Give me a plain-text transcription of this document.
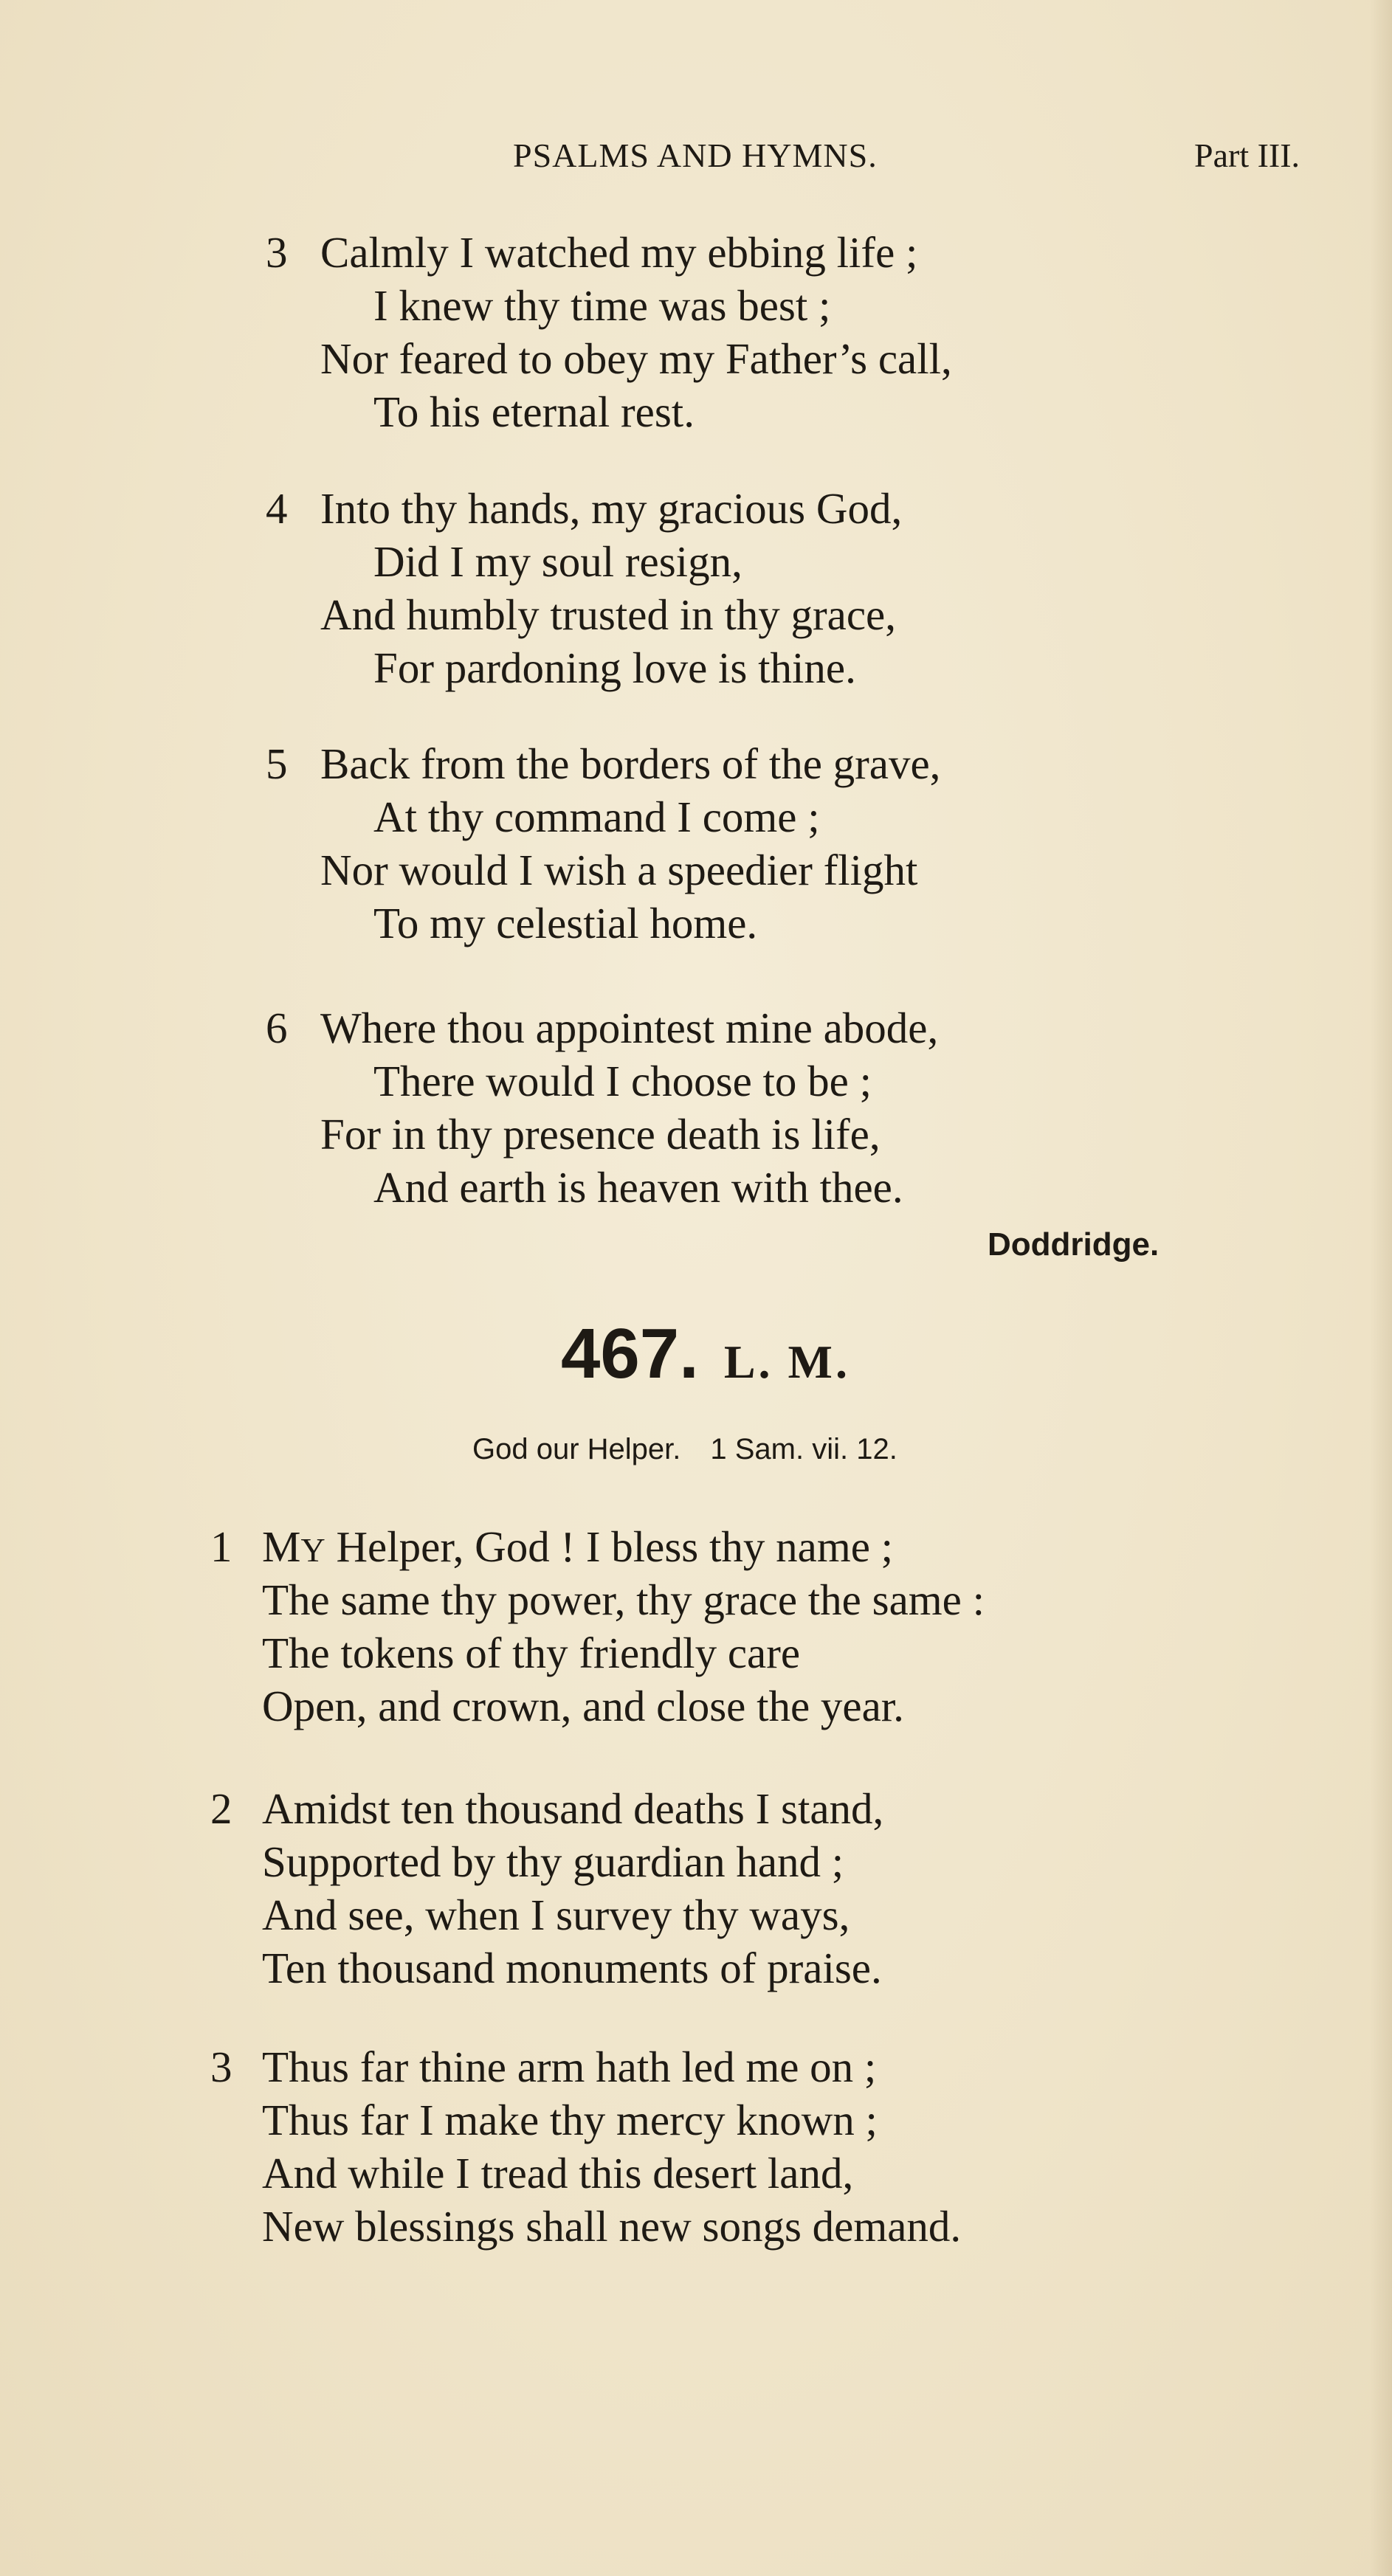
PSALMS AND HYMNS.	Part III.
3 Calmly I watched my ebbing life ;
I knew thy time was best ;
Nor feared to obey my Father’s call,
To his eternal rest.
4 Into thy hands, my gracious God,
Did I my soul resign,
And humbly trusted in thy grace,
For pardoning love is thine.
5 Back from the borders of the grave,
At thy command I come ;
Nor would I wish a speedier flight
To my celestial home.
6 Where thou appointest mine abode,
There would I choose to be ;
For in thy presence death is life,
And earth is heaven with thee.
Doddridge.
467. L. M.
God our Helper. 1 Sam. vii. 12.
1 MY Helper, God ! I bless thy name ;
The same thy power, thy grace the same :
The tokens of thy friendly care
Open, and crown, and close the year.
2 Amidst ten thousand deaths I stand,
Supported by thy guardian hand ;
And see, when I survey thy ways,
Ten thousand monuments of praise.
3 Thus far thine arm hath led me on ;
Thus far I make thy mercy known ;
And while I tread this desert land,
New blessings shall new songs demand.
